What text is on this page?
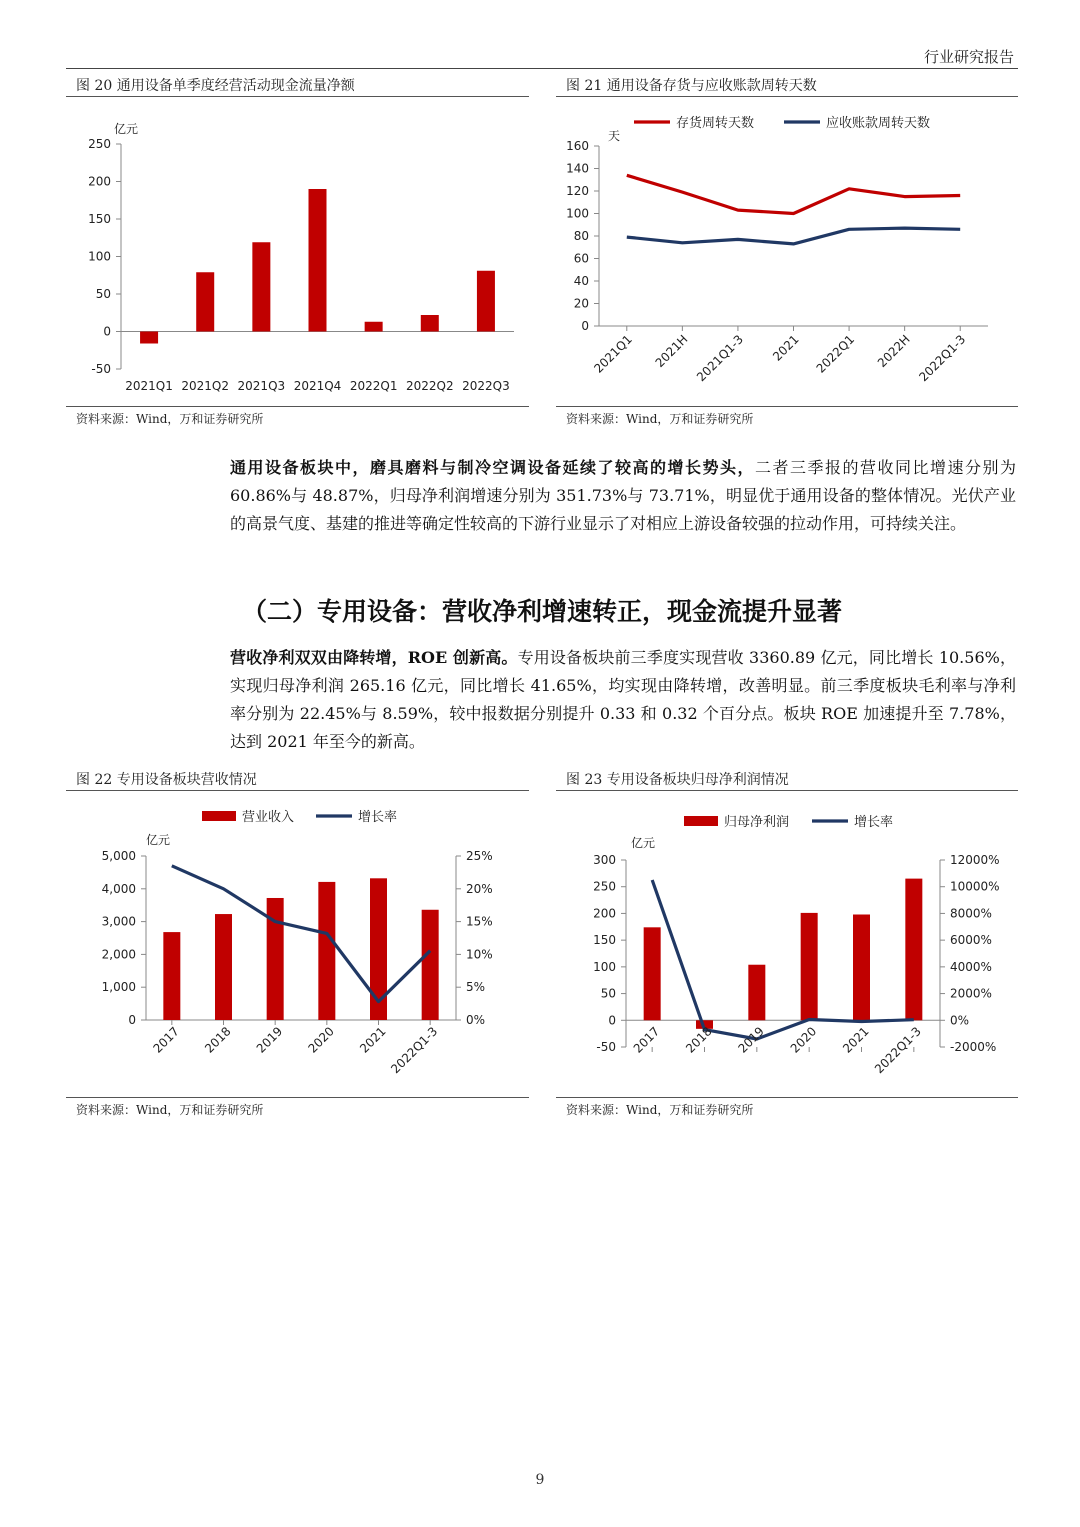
行业研究报告
图 20 通用设备单季度经营活动现金流量净额
亿元
-50
0
50
100
150
200
250
2021Q1 2021Q2 2021Q3 2021Q4 2022Q1 2022Q2 2022Q3
资料来源：Wind，万和证券研究所
图 21 通用设备存货与应收账款周转天数
天
0
20
40
60
80
100
120
140
160
存货周转天数	应收账款周转天数
2021Q1 2021H 2021Q1-3 2021 2022Q1 2022H 2022Q1-3
资料来源：Wind，万和证券研究所

通用设备板块中，磨具磨料与制冷空调设备延续了较高的增长势头，二者三季报的营收同比增速分别为 60.86%与 48.87%，归母净利润增速分别为 351.73%与 73.71%，明显优于通用设备的整体情况。光伏产业的高景气度、基建的推进等确定性较高的下游行业显示了对相应上游设备较强的拉动作用，可持续关注。

（二）专用设备：营收净利增速转正，现金流提升显著

营收净利双双由降转增，ROE 创新高。专用设备板块前三季度实现营收 3360.89 亿元，同比增长 10.56%，实现归母净利润 265.16 亿元，同比增长 41.65%，均实现由降转增，改善明显。前三季度板块毛利率与净利率分别为 22.45%与 8.59%，较中报数据分别提升 0.33 和 0.32 个百分点。板块 ROE 加速提升至 7.78%，达到 2021 年至今的新高。

图 22 专用设备板块营收情况
亿元
0
1,000
2,000
3,000
4,000
5,000
0%
5%
10%
15%
20%
25%
2017 2018 2019 2020 2021 2022Q1-3
营业收入	增长率
资料来源：Wind，万和证券研究所
图 23 专用设备板块归母净利润情况
亿元
-50
0
50
100
150
200
250
300
-2000%
0%
2000%
4000%
6000%
8000%
10000%
12000%
2017 2018 2019 2020 2021 2022Q1-3
归母净利润	增长率
资料来源：Wind，万和证券研究所
9
